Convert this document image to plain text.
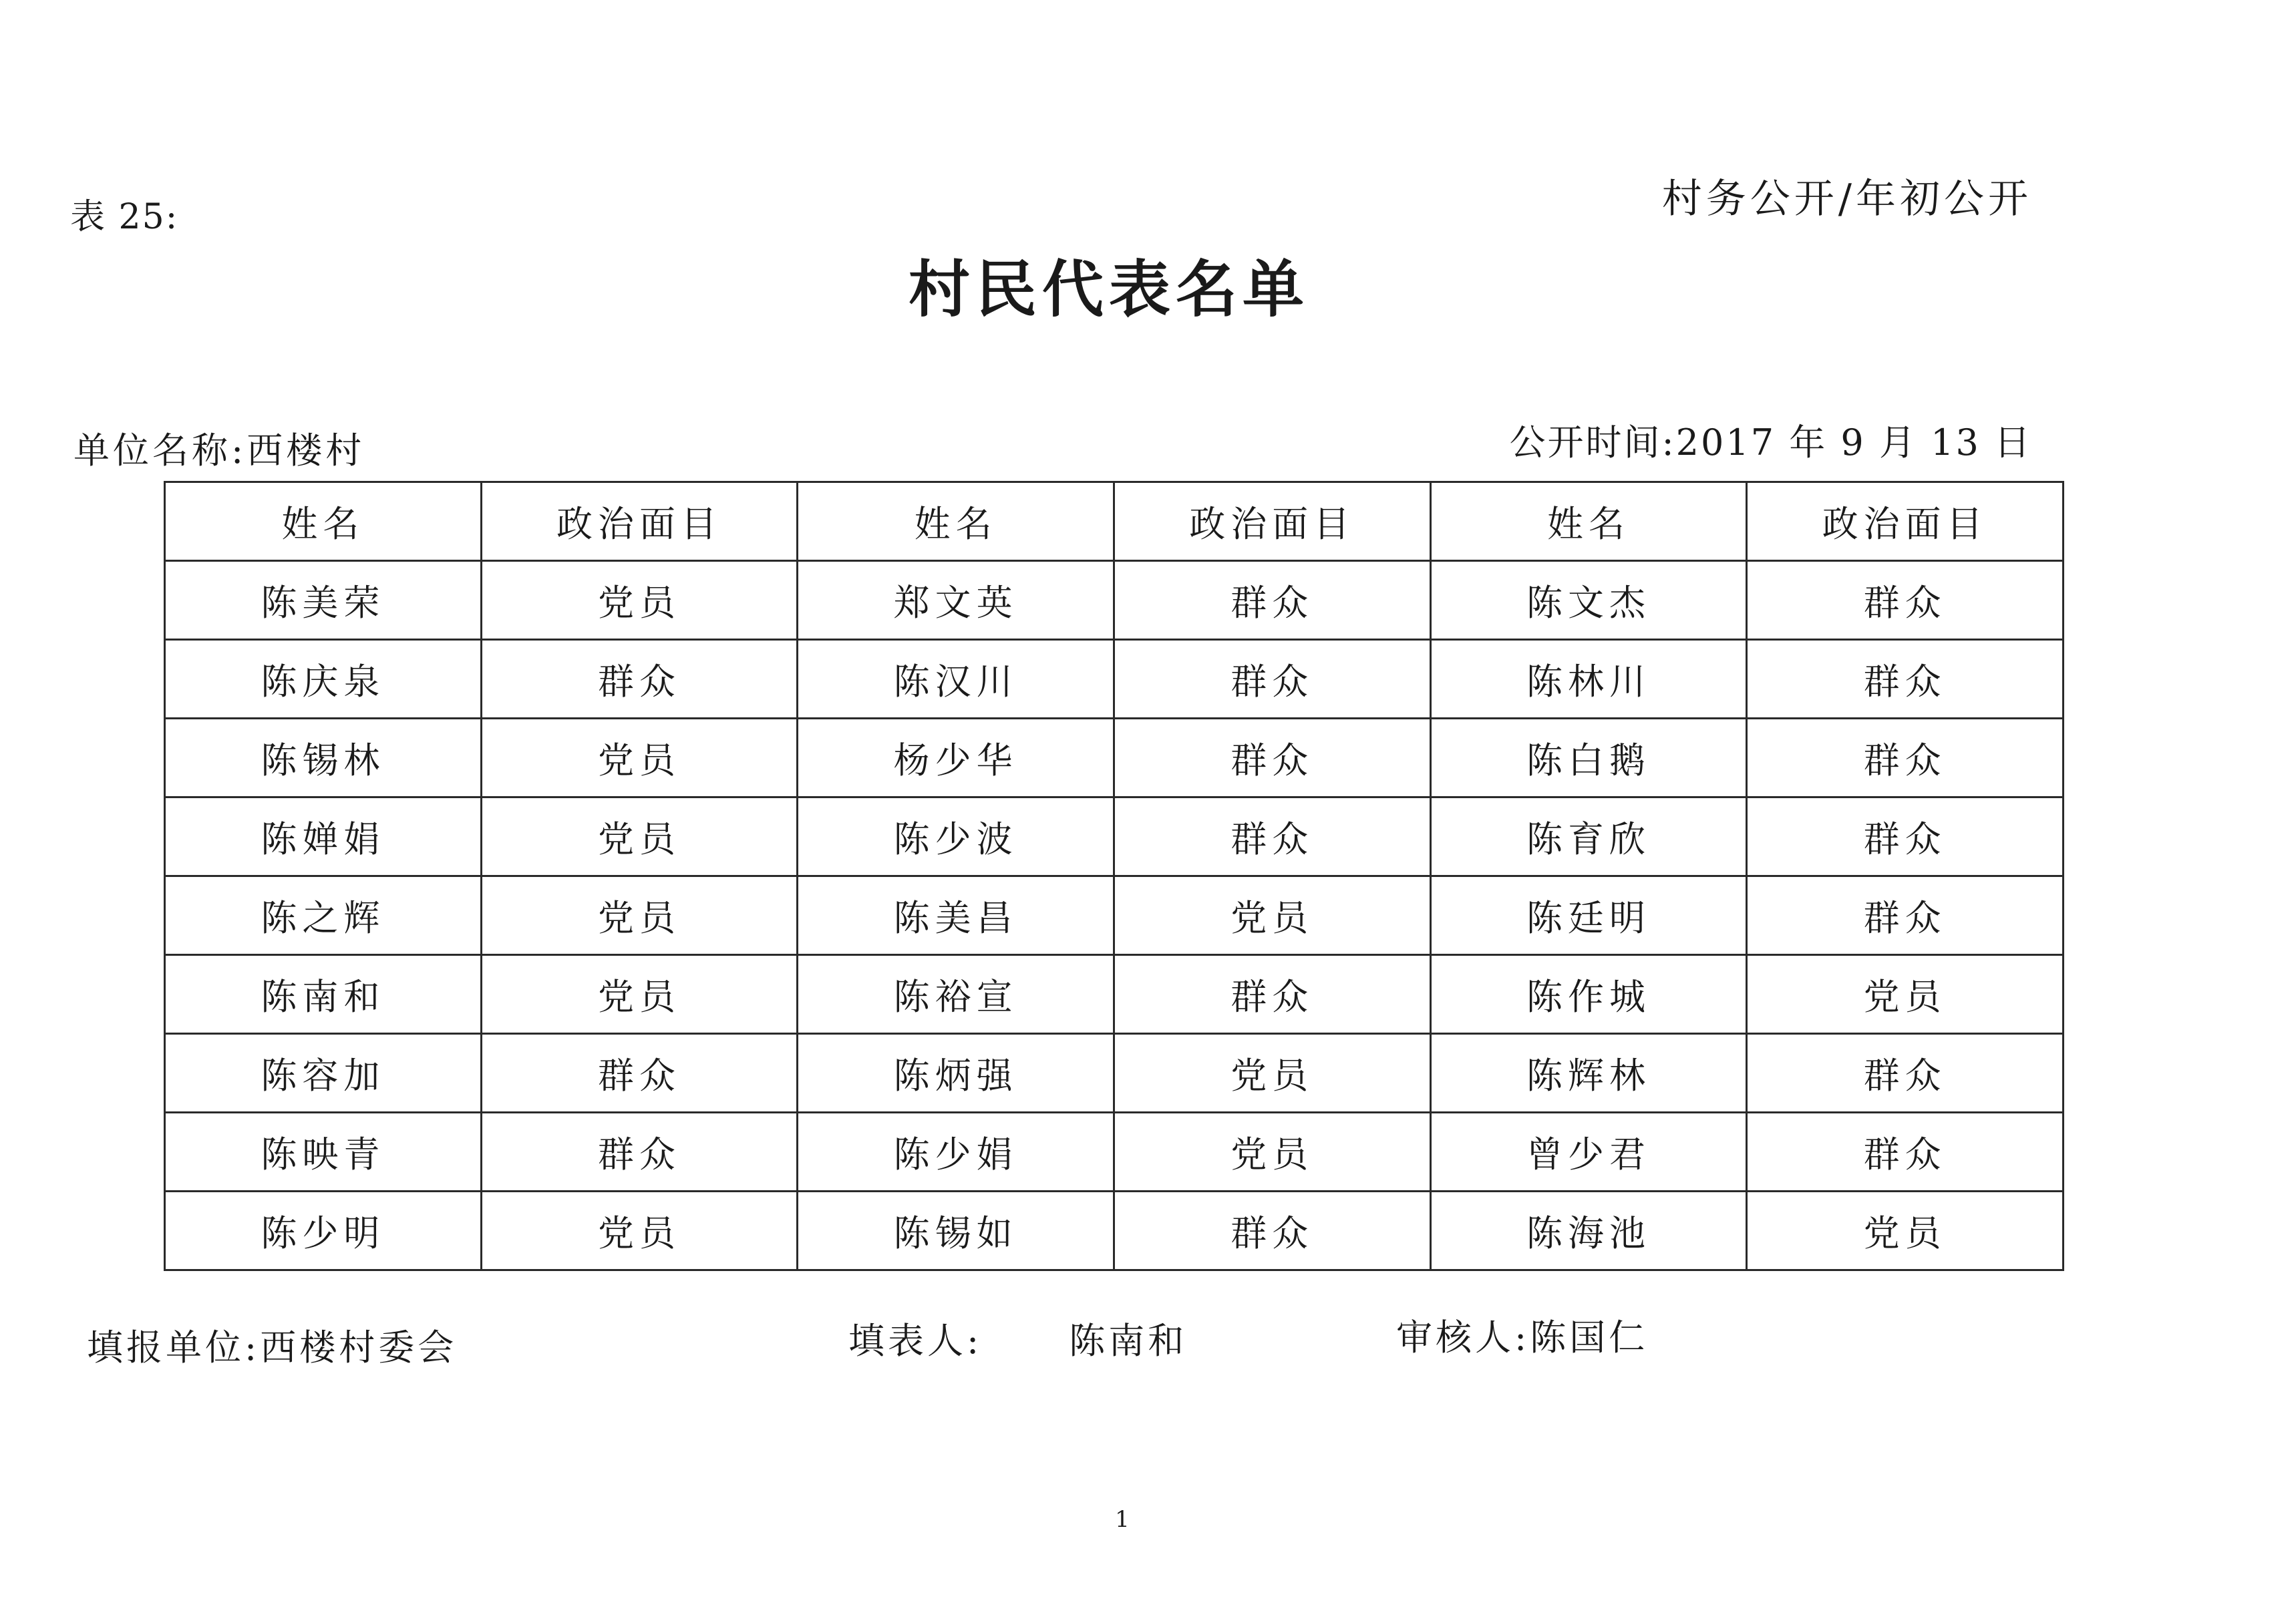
表 25:	村务公开/年初公开
村民代表名单
单位名称:西楼村	公开时间:2017 年 9 月 13 日
姓名	政治面目	姓名	政治面目	姓名	政治面目
陈美荣	党员	郑文英	群众	陈文杰	群众
陈庆泉	群众	陈汉川	群众	陈林川	群众
陈锡林	党员	杨少华	群众	陈白鹅	群众
陈婵娟	党员	陈少波	群众	陈育欣	群众
陈之辉	党员	陈美昌	党员	陈廷明	群众
陈南和	党员	陈裕宣	群众	陈作城	党员
陈容加	群众	陈炳强	党员	陈辉林	群众
陈映青	群众	陈少娟	党员	曾少君	群众
陈少明	党员	陈锡如	群众	陈海池	党员
填报单位:西楼村委会	填表人: 陈南和	审核人:陈国仁
1
